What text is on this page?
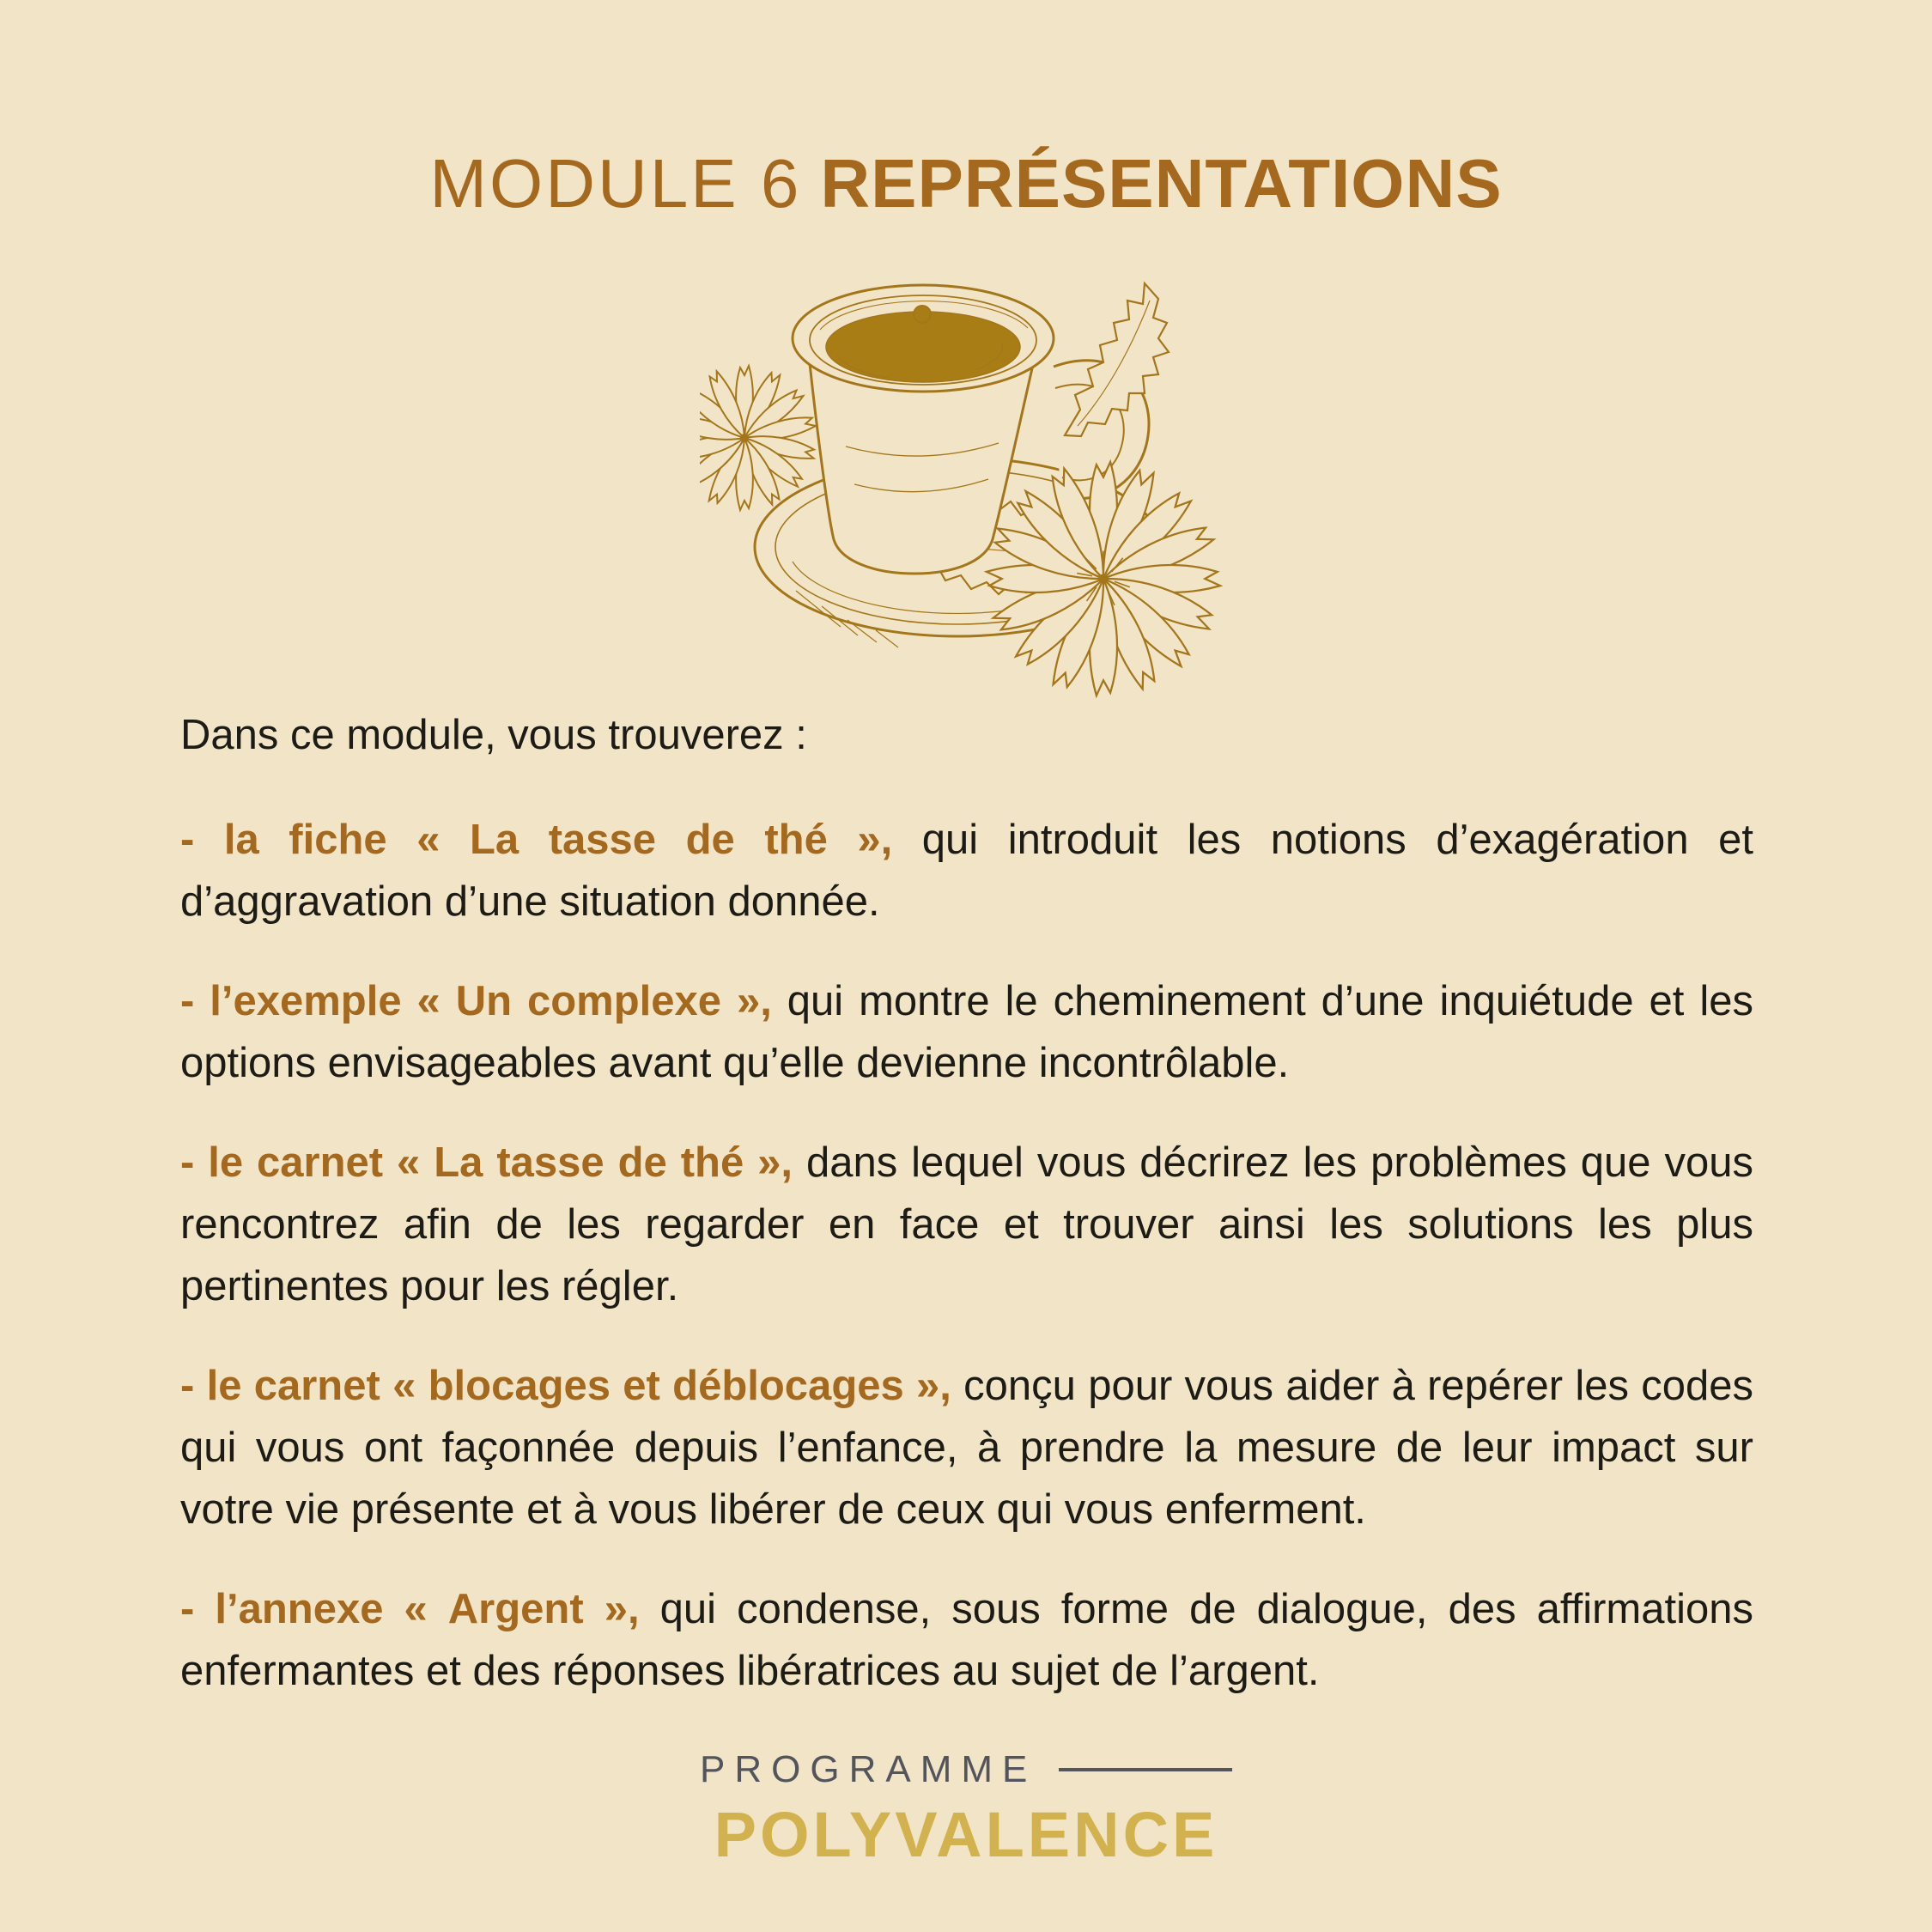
MODULE 6 REPRÉSENTATIONS

Dans ce module, vous trouverez :

- la fiche « La tasse de thé », qui introduit les notions d’exagération et d’aggravation d’une situation donnée.

- l’exemple « Un complexe », qui montre le cheminement d’une inquiétude et les options envisageables avant qu’elle devienne incontrôlable.

- le carnet « La tasse de thé », dans lequel vous décrirez les problèmes que vous rencontrez afin de les regarder en face et trouver ainsi les solutions les plus pertinentes pour les régler.

- le carnet « blocages et déblocages », conçu pour vous aider à repérer les codes qui vous ont façonnée depuis l’enfance, à prendre la mesure de leur impact sur votre vie présente et à vous libérer de ceux qui vous enferment.

- l’annexe « Argent », qui condense, sous forme de dialogue, des affirmations enfermantes et des réponses libératrices au sujet de l’argent.

PROGRAMME
POLYVALENCE
